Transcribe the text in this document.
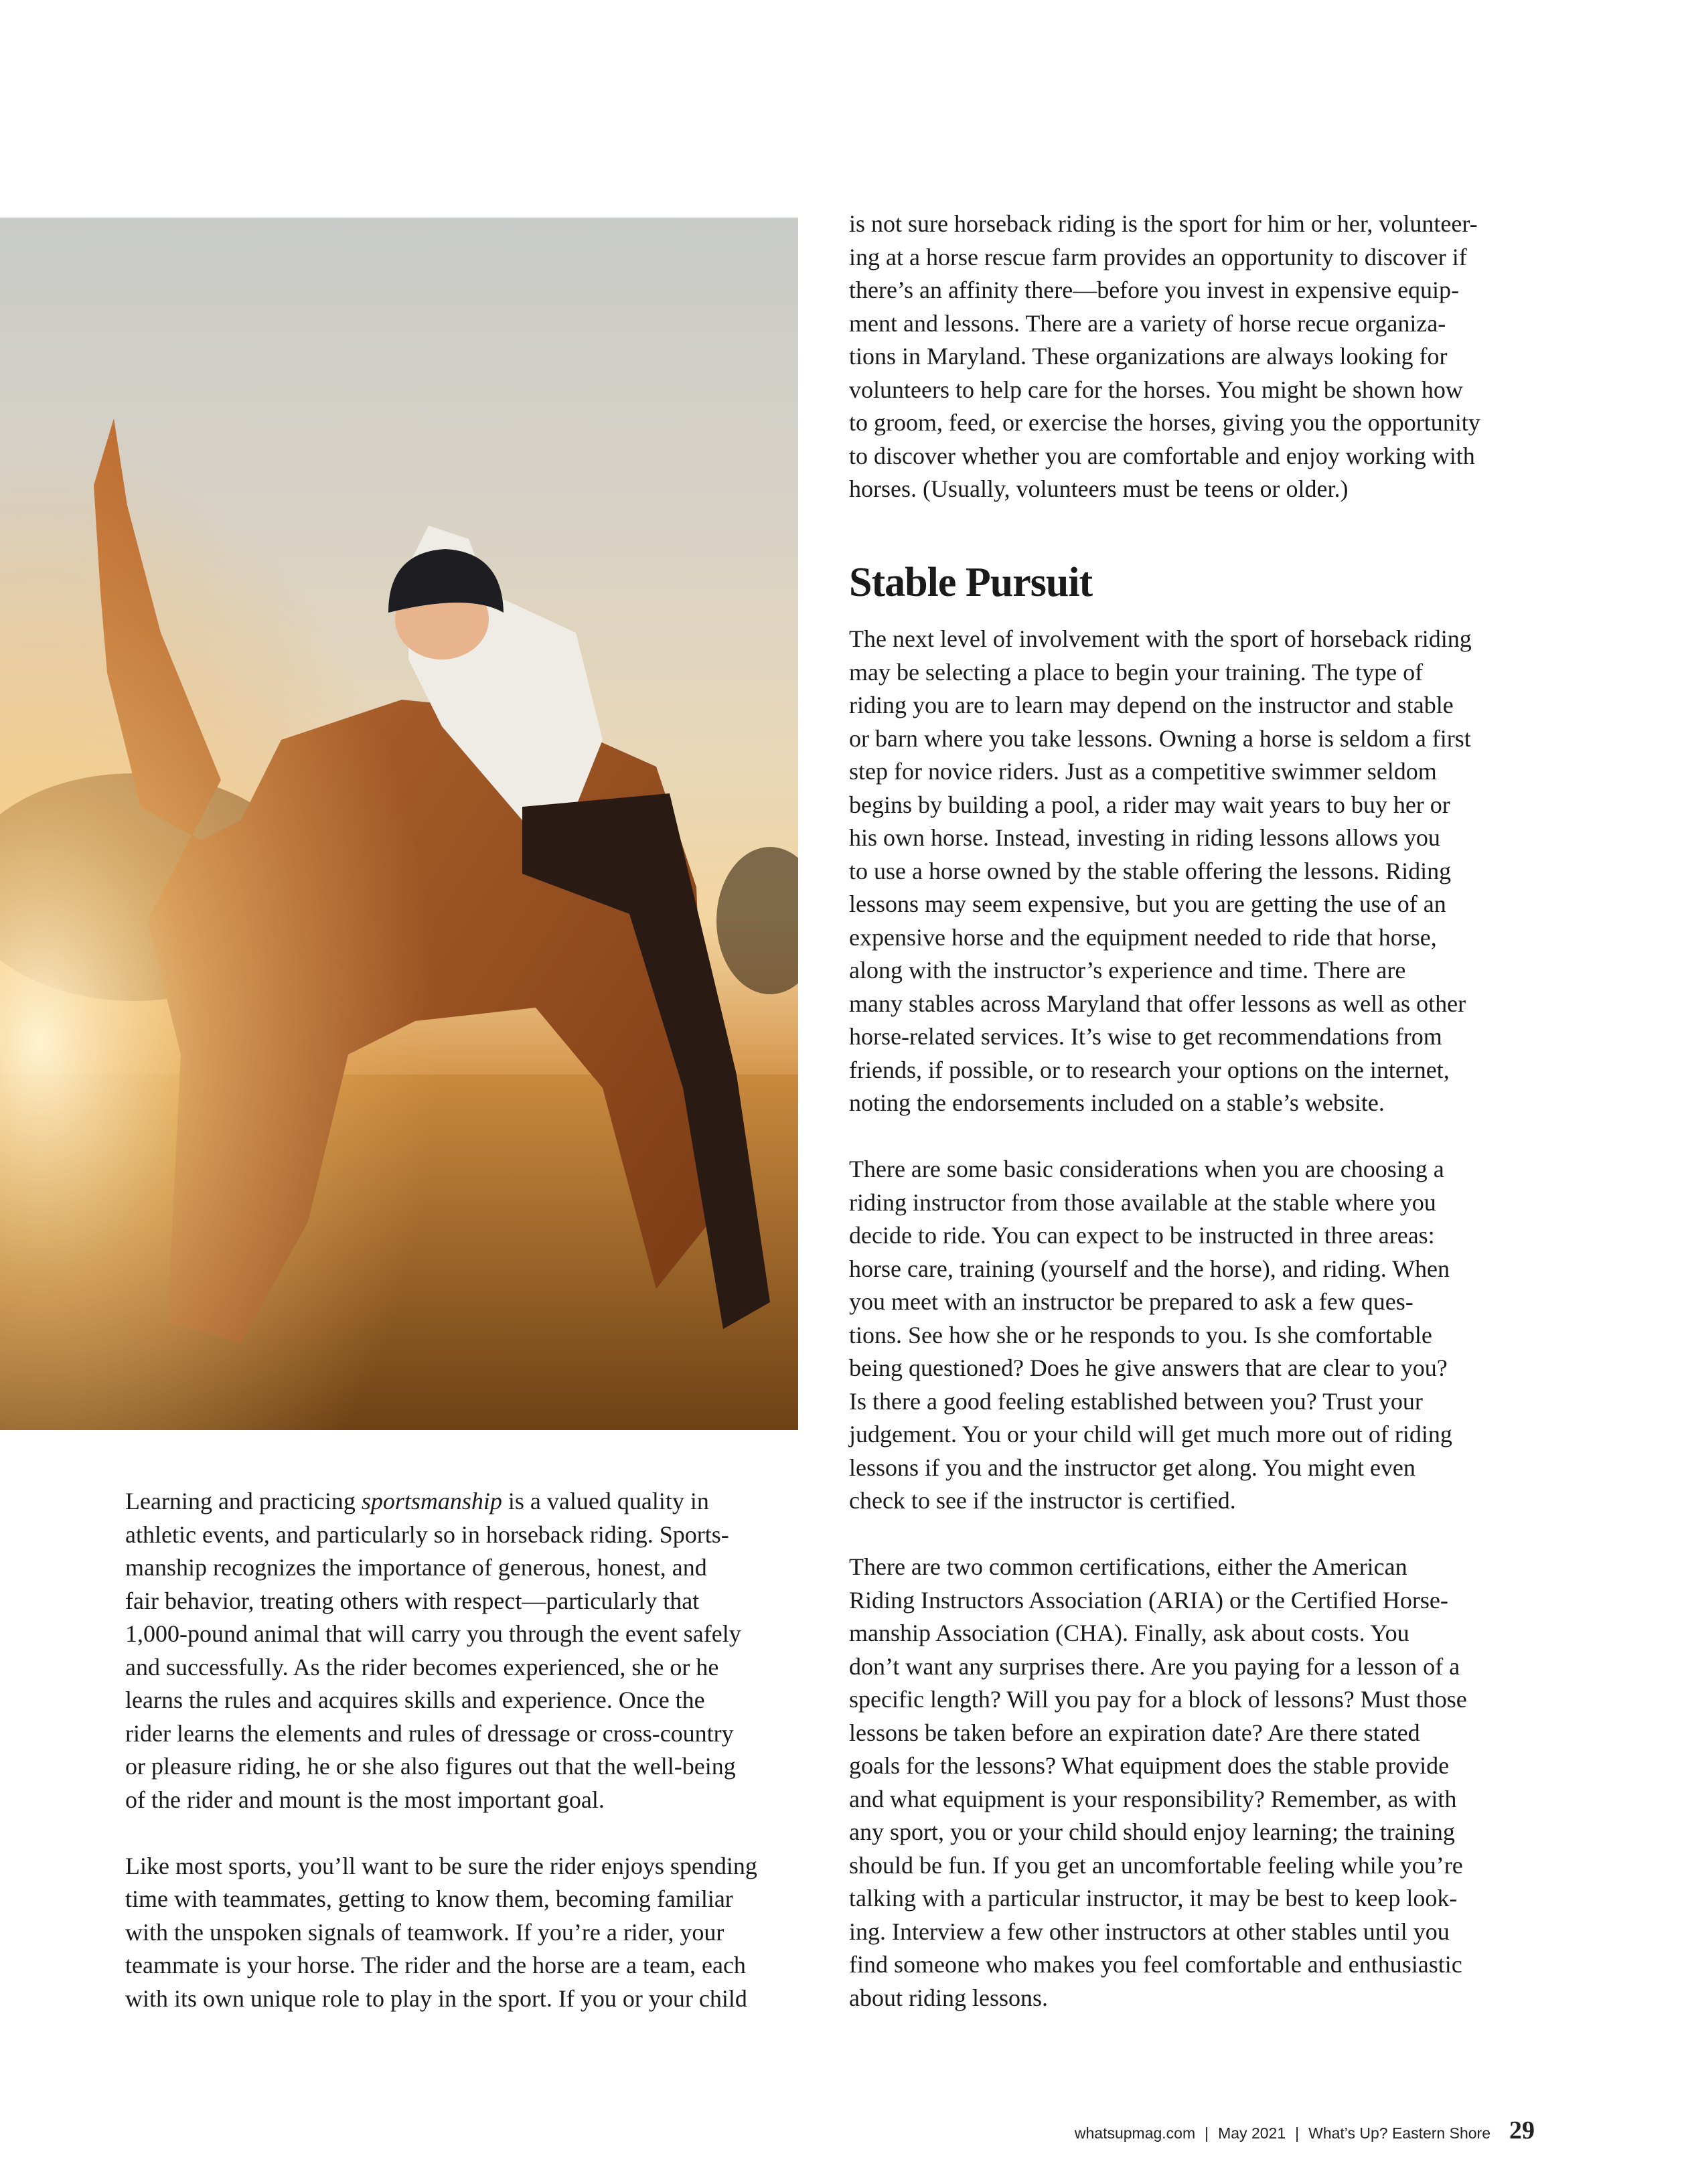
is not sure horseback riding is the sport for him or her, volunteer-
ing at a horse rescue farm provides an opportunity to discover if
there’s an affinity there—before you invest in expensive equip-
ment and lessons. There are a variety of horse recue organiza-
tions in Maryland. These organizations are always looking for
volunteers to help care for the horses. You might be shown how
to groom, feed, or exercise the horses, giving you the opportunity
to discover whether you are comfortable and enjoy working with
horses. (Usually, volunteers must be teens or older.)
Stable Pursuit
The next level of involvement with the sport of horseback riding
may be selecting a place to begin your training. The type of
riding you are to learn may depend on the instructor and stable
or barn where you take lessons. Owning a horse is seldom a first
step for novice riders. Just as a competitive swimmer seldom
begins by building a pool, a rider may wait years to buy her or
his own horse. Instead, investing in riding lessons allows you
to use a horse owned by the stable offering the lessons. Riding
lessons may seem expensive, but you are getting the use of an
expensive horse and the equipment needed to ride that horse,
along with the instructor’s experience and time. There are
many stables across Maryland that offer lessons as well as other
horse-related services. It’s wise to get recommendations from
friends, if possible, or to research your options on the internet,
noting the endorsements included on a stable’s website.
There are some basic considerations when you are choosing a
riding instructor from those available at the stable where you
decide to ride. You can expect to be instructed in three areas:
horse care, training (yourself and the horse), and riding. When
you meet with an instructor be prepared to ask a few ques-
tions. See how she or he responds to you. Is she comfortable
being questioned? Does he give answers that are clear to you?
Is there a good feeling established between you? Trust your
judgement. You or your child will get much more out of riding
lessons if you and the instructor get along. You might even
check to see if the instructor is certified.
There are two common certifications, either the American
Riding Instructors Association (ARIA) or the Certified Horse-
manship Association (CHA). Finally, ask about costs. You
don’t want any surprises there. Are you paying for a lesson of a
specific length? Will you pay for a block of lessons? Must those
lessons be taken before an expiration date? Are there stated
goals for the lessons? What equipment does the stable provide
and what equipment is your responsibility? Remember, as with
any sport, you or your child should enjoy learning; the training
should be fun. If you get an uncomfortable feeling while you’re
talking with a particular instructor, it may be best to keep look-
ing. Interview a few other instructors at other stables until you
find someone who makes you feel comfortable and enthusiastic
about riding lessons.
Learning and practicing sportsmanship is a valued quality in
athletic events, and particularly so in horseback riding. Sports-
manship recognizes the importance of generous, honest, and
fair behavior, treating others with respect—particularly that
1,000-pound animal that will carry you through the event safely
and successfully. As the rider becomes experienced, she or he
learns the rules and acquires skills and experience. Once the
rider learns the elements and rules of dressage or cross-country
or pleasure riding, he or she also figures out that the well-being
of the rider and mount is the most important goal.
Like most sports, you’ll want to be sure the rider enjoys spending
time with teammates, getting to know them, becoming familiar
with the unspoken signals of teamwork. If you’re a rider, your
teammate is your horse. The rider and the horse are a team, each
with its own unique role to play in the sport. If you or your child
whatsupmag.com | May 2021 | What’s Up? Eastern Shore 29
